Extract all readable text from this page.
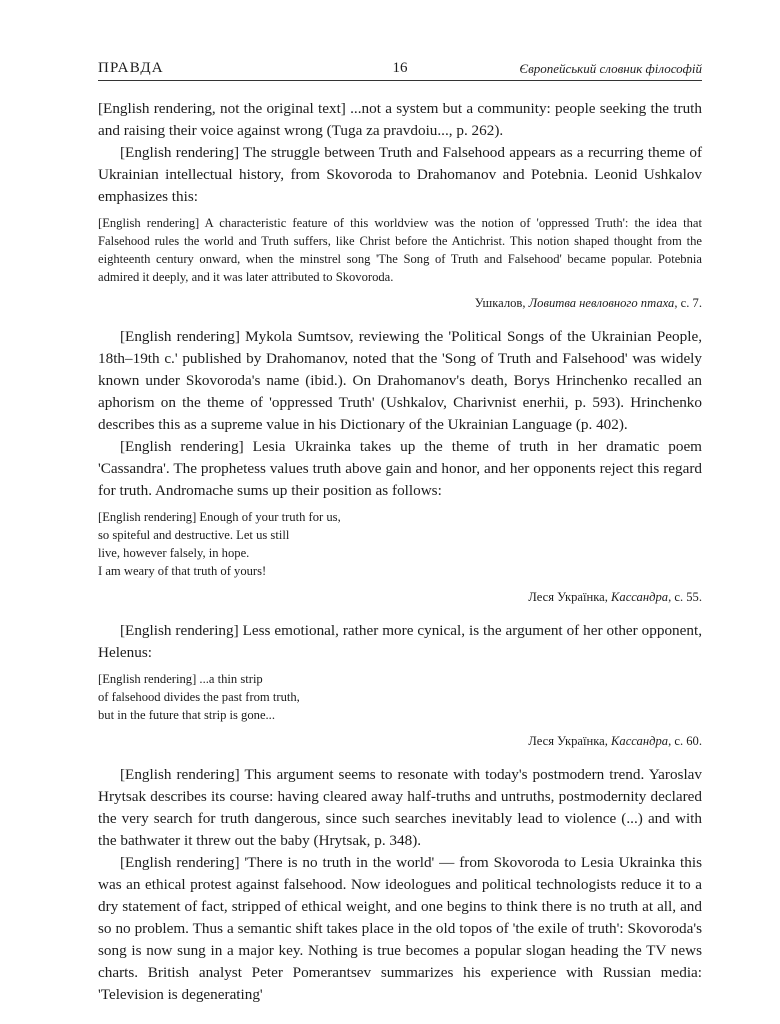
ПРАВДА	16	Європейський словник філософій

[English rendering, not the original text] ...not a system but a community: people seeking the truth and raising their voice against wrong (Tuga za pravdoiu..., p. 262).

[English rendering] The struggle between Truth and Falsehood appears as a recurring theme of Ukrainian intellectual history, from Skovoroda to Drahomanov and Potebnia. Leonid Ushkalov emphasizes this:

[English rendering] A characteristic feature of this worldview was the notion of 'oppressed Truth': the idea that Falsehood rules the world and Truth suffers, like Christ before the Antichrist. This notion shaped thought from the eighteenth century onward, when the minstrel song 'The Song of Truth and Falsehood' became popular. Potebnia admired it deeply, and it was later attributed to Skovoroda.
Ушкалов, Ловитва невловного птаха, с. 7.

[English rendering] Mykola Sumtsov, reviewing the 'Political Songs of the Ukrainian People, 18th–19th c.' published by Drahomanov, noted that the 'Song of Truth and Falsehood' was widely known under Skovoroda's name (ibid.). On Drahomanov's death, Borys Hrinchenko recalled an aphorism on the theme of 'oppressed Truth' (Ushkalov, Charivnist enerhii, p. 593). Hrinchenko describes this as a supreme value in his Dictionary of the Ukrainian Language (p. 402).

[English rendering] Lesia Ukrainka takes up the theme of truth in her dramatic poem 'Cassandra'. The prophetess values truth above gain and honor, and her opponents reject this regard for truth. Andromache sums up their position as follows:

[English rendering] Enough of your truth for us,
so spiteful and destructive. Let us still
live, however falsely, in hope.
I am weary of that truth of yours!
Леся Українка, Кассандра, с. 55.

[English rendering] Less emotional, rather more cynical, is the argument of her other opponent, Helenus:

[English rendering] ...a thin strip
of falsehood divides the past from truth,
but in the future that strip is gone...
Леся Українка, Кассандра, с. 60.

[English rendering] This argument seems to resonate with today's postmodern trend. Yaroslav Hrytsak describes its course: having cleared away half-truths and untruths, postmodernity declared the very search for truth dangerous, since such searches inevitably lead to violence (...) and with the bathwater it threw out the baby (Hrytsak, p. 348).

[English rendering] 'There is no truth in the world' — from Skovoroda to Lesia Ukrainka this was an ethical protest against falsehood. Now ideologues and political technologists reduce it to a dry statement of fact, stripped of ethical weight, and one begins to think there is no truth at all, and so no problem. Thus a semantic shift takes place in the old topos of 'the exile of truth': Skovoroda's song is now sung in a major key. Nothing is true becomes a popular slogan heading the TV news charts. British analyst Peter Pomerantsev summarizes his experience with Russian media: 'Television is degenerating'
